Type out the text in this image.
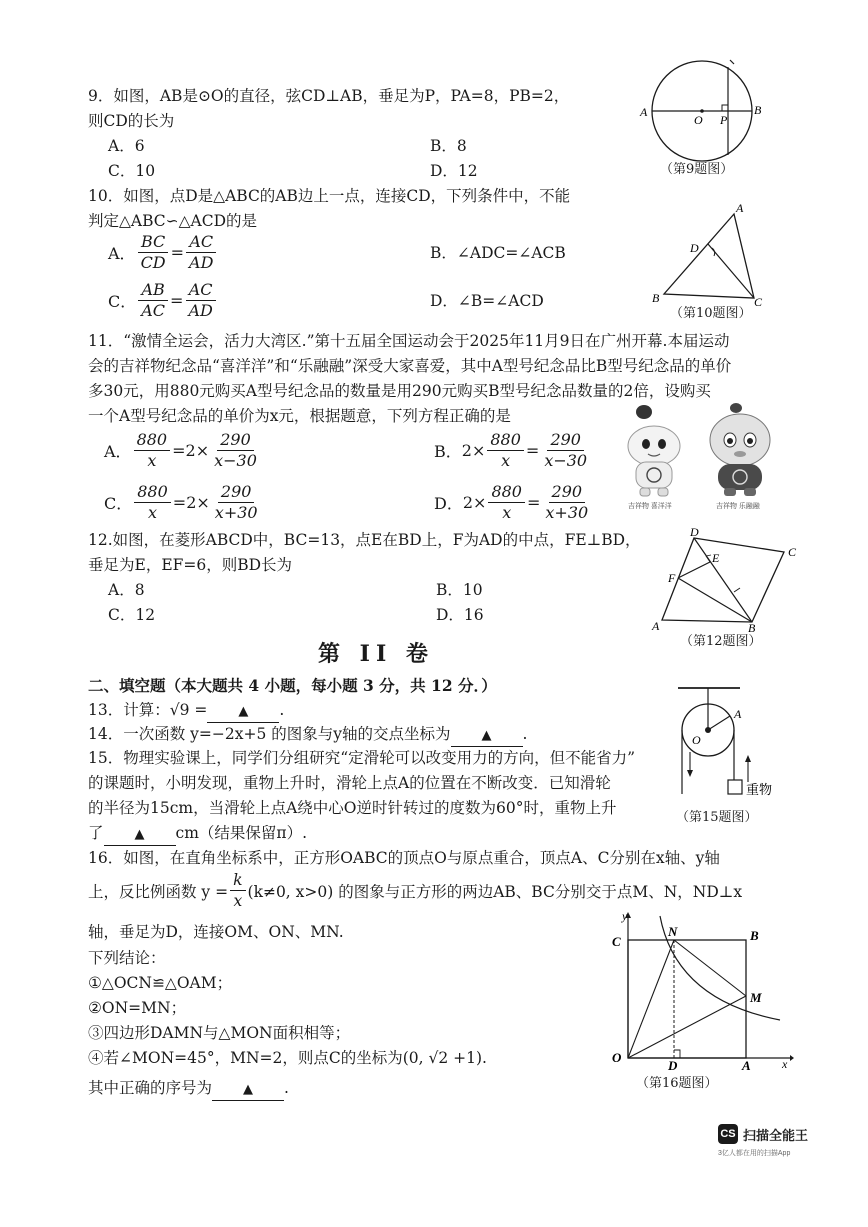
9．如图，AB是⊙O的直径，弦CD⊥AB，垂足为P，PA=8，PB=2，
则CD的长为
A．6	B．8
C．10	D．12
A	B
O P
（第9题图）
10．如图，点D是△ABC的AB边上一点，连接CD，下列条件中，不能
判定△ABC∽△ACD的是
A． $\frac{BC}{CD} = \frac{AC}{AD}$	B．∠ADC=∠ACB
C． $\frac{AB}{AC} = \frac{AC}{AD}$	D．∠B=∠ACD
A
B	C
D
（第10题图）
11．“激情全运会，活力大湾区.”第十五届全国运动会于2025年11月9日在广州开幕.本届运动
会的吉祥物纪念品“喜洋洋”和“乐融融”深受大家喜爱，其中A型号纪念品比B型号纪念品的单价
多30元，用880元购买A型号纪念品的数量是用290元购买B型号纪念品数量的2倍，设购买
一个A型号纪念品的单价为x元，根据题意，下列方程正确的是
A． $\frac{880}{x} =2\times \frac{290}{x-30}$	B． $2\times \frac{880}{x} = \frac{290}{x-30}$
C． $\frac{880}{x} =2\times \frac{290}{x+30}$	D． $2\times \frac{880}{x} = \frac{290}{x+30}$	吉祥物 喜洋洋	吉祥物 乐融融
12.如图，在菱形ABCD中，BC=13，点E在BD上，F为AD的中点，FE⊥BD，
垂足为E，EF=6，则BD长为
A．8	B．10
C．12	D．16
D
C
B
A
E
F
（第12题图）
第 II 卷
二、填空题（本大题共 4 小题，每小题 3 分，共 12 分．）
13．计算：√9 = ▲ .
14．一次函数 y=−2x+5 的图象与y轴的交点坐标为 ▲ .
15．物理实验课上，同学们分组研究“定滑轮可以改变用力的方向，但不能省力”
的课题时，小明发现，重物上升时，滑轮上点A的位置在不断改变．已知滑轮
的半径为15cm，当滑轮上点A绕中心O逆时针转过的度数为60°时，重物上升
了 ▲ cm（结果保留π）.
A
O
重物
（第15题图）
16．如图，在直角坐标系中，正方形OABC的顶点O与原点重合，顶点A、C分别在x轴、y轴
上，反比例函数 $y = \frac{k}{x} (k\ne 0$, x>0) 的图象与正方形的两边AB、BC分别交于点M、N，ND⊥x
轴，垂足为D，连接OM、ON、MN.
下列结论：
①△OCN≌△OAM；
②ON=MN；
③四边形DAMN与△MON面积相等；
④若∠MON=45°，MN=2，则点C的坐标为(0, √2 +1).
其中正确的序号为 ▲ .
y
x
C
N	B
M
O
D	A
（第16题图）
CS 扫描全能王
3亿人都在用的扫描App
